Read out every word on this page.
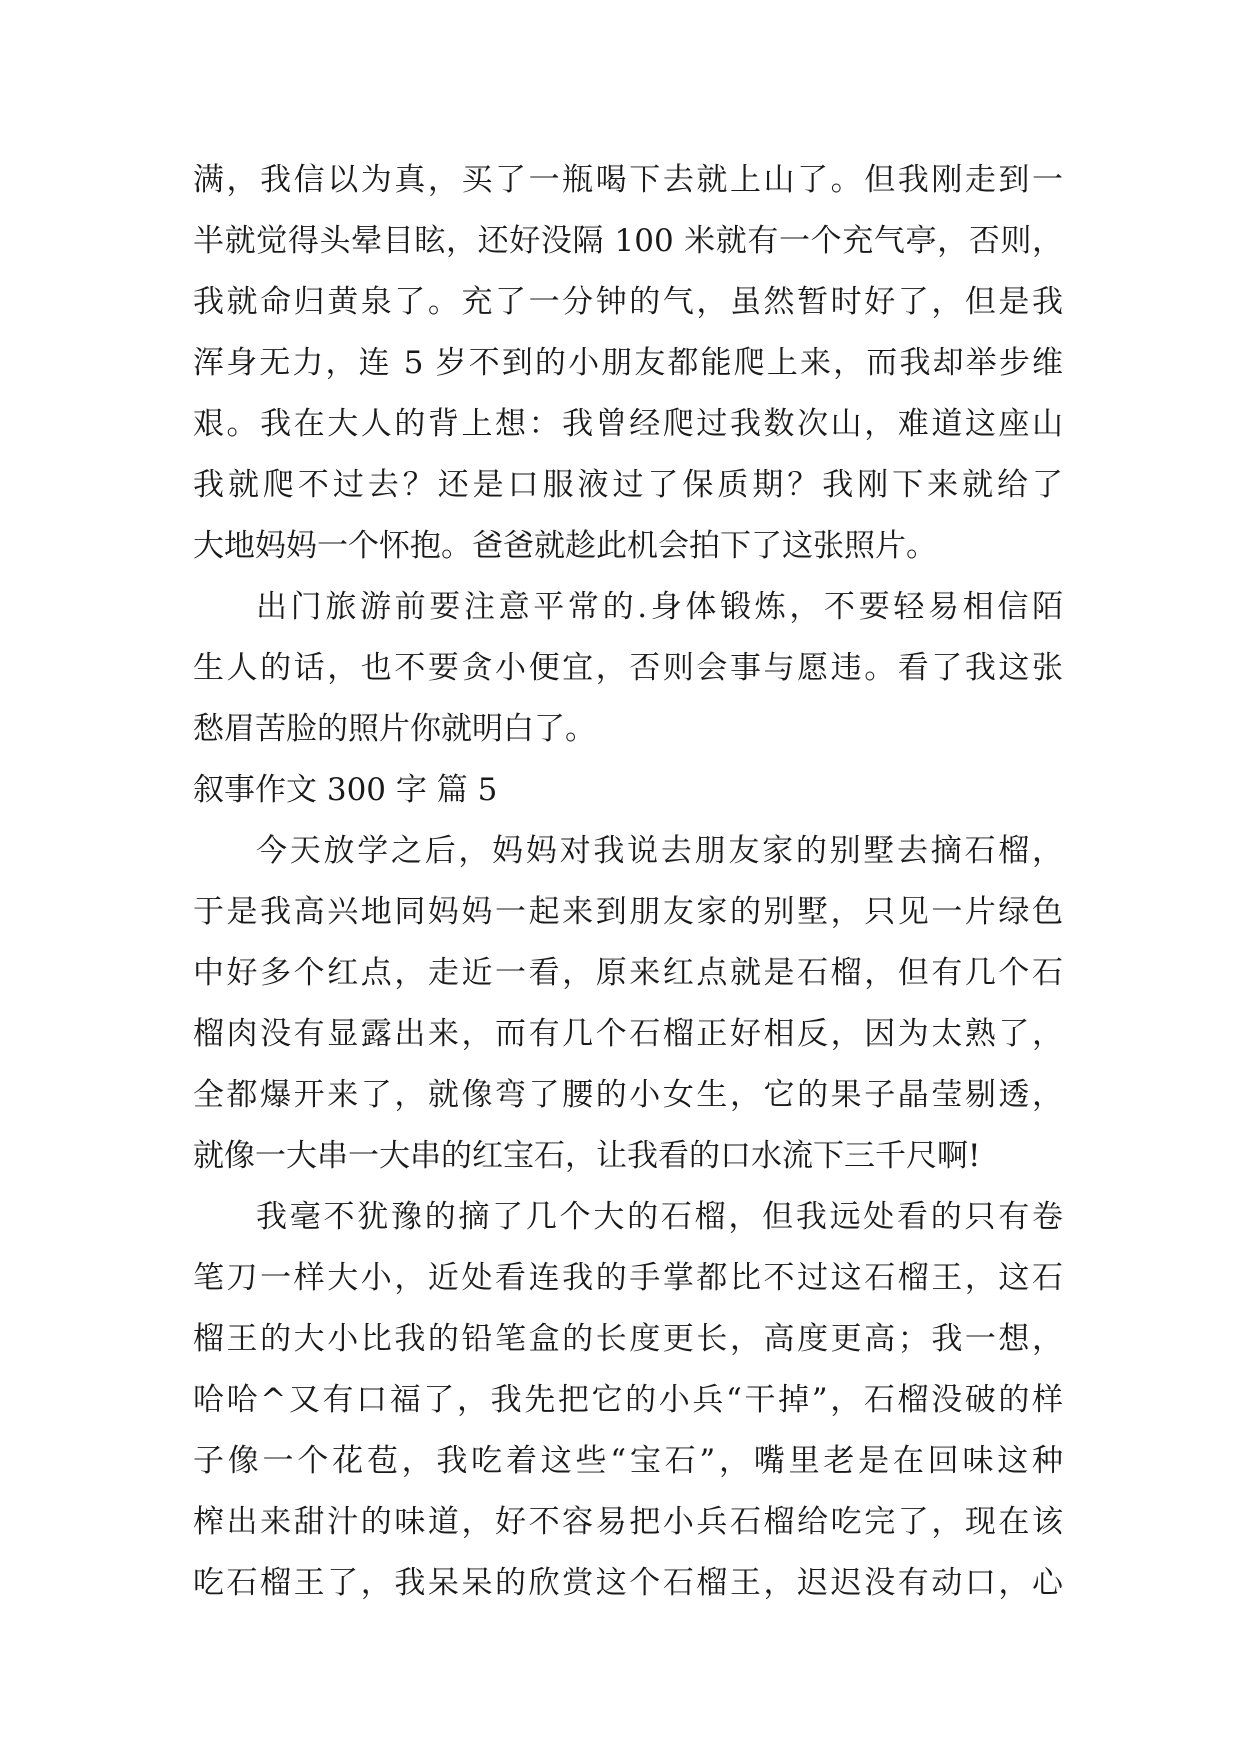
满，我信以为真，买了一瓶喝下去就上山了。但我刚走到一
半就觉得头晕目眩，还好没隔 100 米就有一个充气亭，否则，
我就命归黄泉了。充了一分钟的气，虽然暂时好了，但是我
浑身无力，连 5 岁不到的小朋友都能爬上来，而我却举步维
艰。我在大人的背上想：我曾经爬过我数次山，难道这座山
我就爬不过去？还是口服液过了保质期？我刚下来就给了
大地妈妈一个怀抱。爸爸就趁此机会拍下了这张照片。
出门旅游前要注意平常的.身体锻炼，不要轻易相信陌
生人的话，也不要贪小便宜，否则会事与愿违。看了我这张
愁眉苦脸的照片你就明白了。
叙事作文 300 字 篇 5
今天放学之后，妈妈对我说去朋友家的别墅去摘石榴，
于是我高兴地同妈妈一起来到朋友家的别墅，只见一片绿色
中好多个红点，走近一看，原来红点就是石榴，但有几个石
榴肉没有显露出来，而有几个石榴正好相反，因为太熟了，
全都爆开来了，就像弯了腰的小女生，它的果子晶莹剔透，
就像一大串一大串的红宝石，让我看的口水流下三千尺啊!
我毫不犹豫的摘了几个大的石榴，但我远处看的只有卷
笔刀一样大小，近处看连我的手掌都比不过这石榴王，这石
榴王的大小比我的铅笔盒的长度更长，高度更高；我一想，
哈哈^又有口福了，我先把它的小兵“干掉”，石榴没破的样
子像一个花苞，我吃着这些“宝石”，嘴里老是在回味这种
榨出来甜汁的味道，好不容易把小兵石榴给吃完了，现在该
吃石榴王了，我呆呆的欣赏这个石榴王，迟迟没有动口，心
